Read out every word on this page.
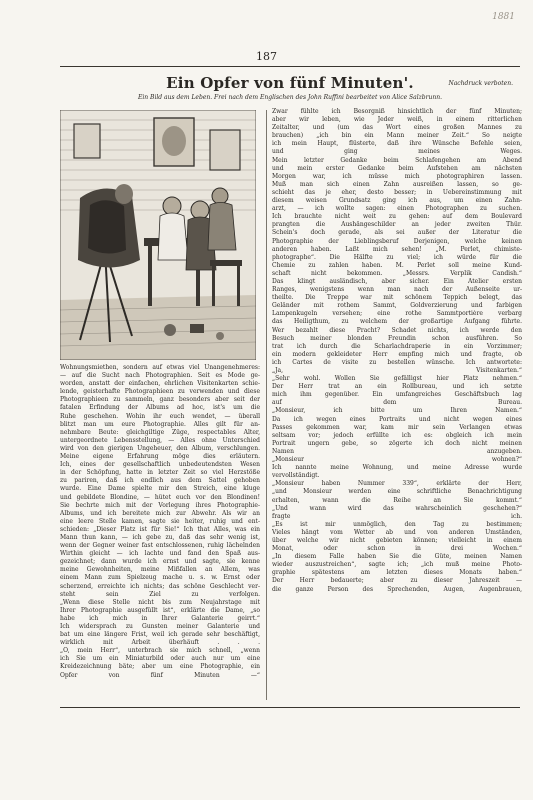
1881
187
Ein Opfer von fünf Minuten'.	Nachdruck verboten.
Ein Bild aus dem Leben. Frei nach dem Englischen des John Ruffini bearbeitet von Alice Salzbrunn.
Wohnungsmiethen, sondern auf etwas viel Unangenehmeres:
— auf die Sucht nach Photographien. Seit es Mode ge-
worden, anstatt der einfachen, ehrlichen Visitenkarten schie-
lende, geisterhafte Photographieen zu verwenden und diese
Photographieen zu sammeln, ganz besonders aber seit der
fatalen Erfindung der Albums ad hoc, ist's um die
Ruhe geschehen. Wohin ihr euch wendet, — überall
blitzt man um eure Photographie. Alles gilt für an-
nehmbare Beute: gleichgiltige Züge, respectables Alter,
untergeordnete Lebensstellung, — Alles ohne Unterschied
wird von den gierigen Ungeheuer, den Album, verschlungen.
Meine eigene Erfahrung möge dies erläutern.
Ich, eines der gesellschaftlich unbedeutendsten Wesen
in der Schöpfung, hatte in letzter Zeit so viel Herzstöße
zu pariren, daß ich endlich aus dem Sattel gehoben
wurde. Eine Dame spielte mir den Streich, eine kluge
und gebildete Blondine, — hütet euch vor den Blondinen!
Sie bechrte mich mit der Vorlegung ihres Photographie-
Albums, und ich bereitete mich zur Abwehr. Als wir an
eine leere Stelle kamen, sagte sie heiter, ruhig und ent-
schieden: „Dieser Platz ist für Sie!“ Ich that Alles, was ein
Mann thun kann, — ich gebe zu, daß das sehr wenig ist,
wenn der Gegner weiner fast entschlossenen, ruhig lächelnden
Wirthin gleicht — ich lachte und fand den Spaß aus-
gezeichnet; dann wurde ich ernst und sagte, sie kenne
meine Gewohnheiten, meine Mißfallen an Allem, was
einem Mann zum Spielzeug mache u. s. w. Ernst oder
scherzend, erreichte ich nichts; das schöne Geschlecht ver-
steht sein Ziel zu verfolgen.
„Wenn diese Stelle nicht bis zum Neujahrstage mit
Ihrer Photographie ausgefüllt ist“, erklärte die Dame, „so
habe ich mich in Ihrer Galanterie geirrt.“
Ich widersprach zu Gunsten meiner Galanterie und
bat um eine längere Frist, weil ich gerade sehr beschäftigt,
wirklich mit Arbeit überhäuft . . .
„O, mein Herr“, unterbrach sie mich schnell, „wenn
ich Sie um ein Miniaturbild oder auch nur um eine
Kreidezeichnung bäte; aber um eine Photographie, ein
Opfer von fünf Minuten —“
Zwar fühlte ich Besorgniß hinsichtlich der fünf Minuten;
aber wir leben, wie Jeder weiß, in einem ritterlichen
Zeitalter, und (um das Wort eines großen Mannes zu
brauchen) „ich bin ein Mann meiner Zeit.“ So neigte
ich mein Haupt, flüsterte, daß ihre Wünsche Befehle seien,
und ging meines Weges.
Mein letzter Gedanke beim Schlafengehen am Abend
und mein erster Gedanke beim Aufstehen am nächsten
Morgen war, ich müsse mich photographiren lassen.
Muß man sich einen Zahn ausreißen lassen, so ge-
schieht das je eher, desto besser; in Uebereinstimmung mit
diesem weisen Grundsatz ging ich aus, um einen Zahn-
arzt, — ich wollte sagen: einen Photographen zu suchen.
Ich brauchte nicht weit zu gehen: auf dem Boulevard
prangten die Aushängeschilder an jeder zweiten Thür.
Schein's doch gerade, als sei außer der Literatur die
Photographie der Lieblingsberuf Derjenigen, welche keinen
anderen haben. Laßt mich sehen! „M. Perlet, chimiste-
photographe“. Die Hälfte zu viel; ich würde für die
Chemie zu zahlen haben. M. Perlet soll meine Kund-
schaft nicht bekommen. „Messrs. Verplik Candish.“
Das klingt ausländisch, aber sicher. Ein Atelier ersten
Ranges, wenigstens wenn man nach der Außenseite ur-
theilte. Die Treppe war mit schönem Teppich belegt, das
Geländer mit rothem Sammt, Goldverzierung und farbigen
Lampenkugeln versehen; eine rothe Sammtportière verbarg
das Heiligthum, zu welchem der großartige Aufgang führte.
Wer bezahlt diese Pracht? Schadet nichts, ich werde den
Besuch meiner blonden Freundin schon ausführen. So
trat ich durch die Scharlachdraperie in ein Vorzimmer;
ein modern gekleideter Herr empfing mich und fragte, ob
ich Cartes de visite zu bestellen wünsche. Ich antwortete:
„Ja, Visitenkarten.“
„Sehr wohl. Wollen Sie gefälligst hier Platz nehmen.“
Der Herr trat an ein Rollbureau, und ich setzte
mich ihm gegenüber. Ein umfangreiches Geschäftsbuch lag
auf dem Bureau.
„Monsieur, ich bitte um Ihren Namen.“
Da ich wegen eines Portraits und nicht wegen eines
Passes gekommen war, kam mir sein Verlangen etwas
seltsam vor; jedoch erfüllte ich es: obgleich ich mein
Portrait ungern gebe, so zögerte ich doch nicht meinen
Namen anzugeben.
„Monsieur wohnen?“
Ich nannte meine Wohnung, und meine Adresse wurde
vervollständigt.
„Monsieur haben Nummer 339“, erklärte der Herr,
„und Monsieur werden eine schriftliche Benachrichtigung
erhalten, wann die Reihe an Sie kommt.“
„Und wann wird das wahrscheinlich geschehen?“
fragte ich.
„Es ist mir unmöglich, den Tag zu bestimmen;
Vieles hängt vom Wetter ab und von anderen Umständen,
über welche wir nicht gebieten können; vielleicht in einem
Monat, oder schon in drei Wochen.“
„In diesem Falle haben Sie die Güte, meinen Namen
wieder auszustreichen“, sagte ich; „ich muß meine Photo-
graphie spätestens am letzten dieses Monats haben.“
Der Herr bedauerte; aber zu dieser Jahreszeit —
die ganze Person des Sprechenden, Augen, Augenbrauen,
